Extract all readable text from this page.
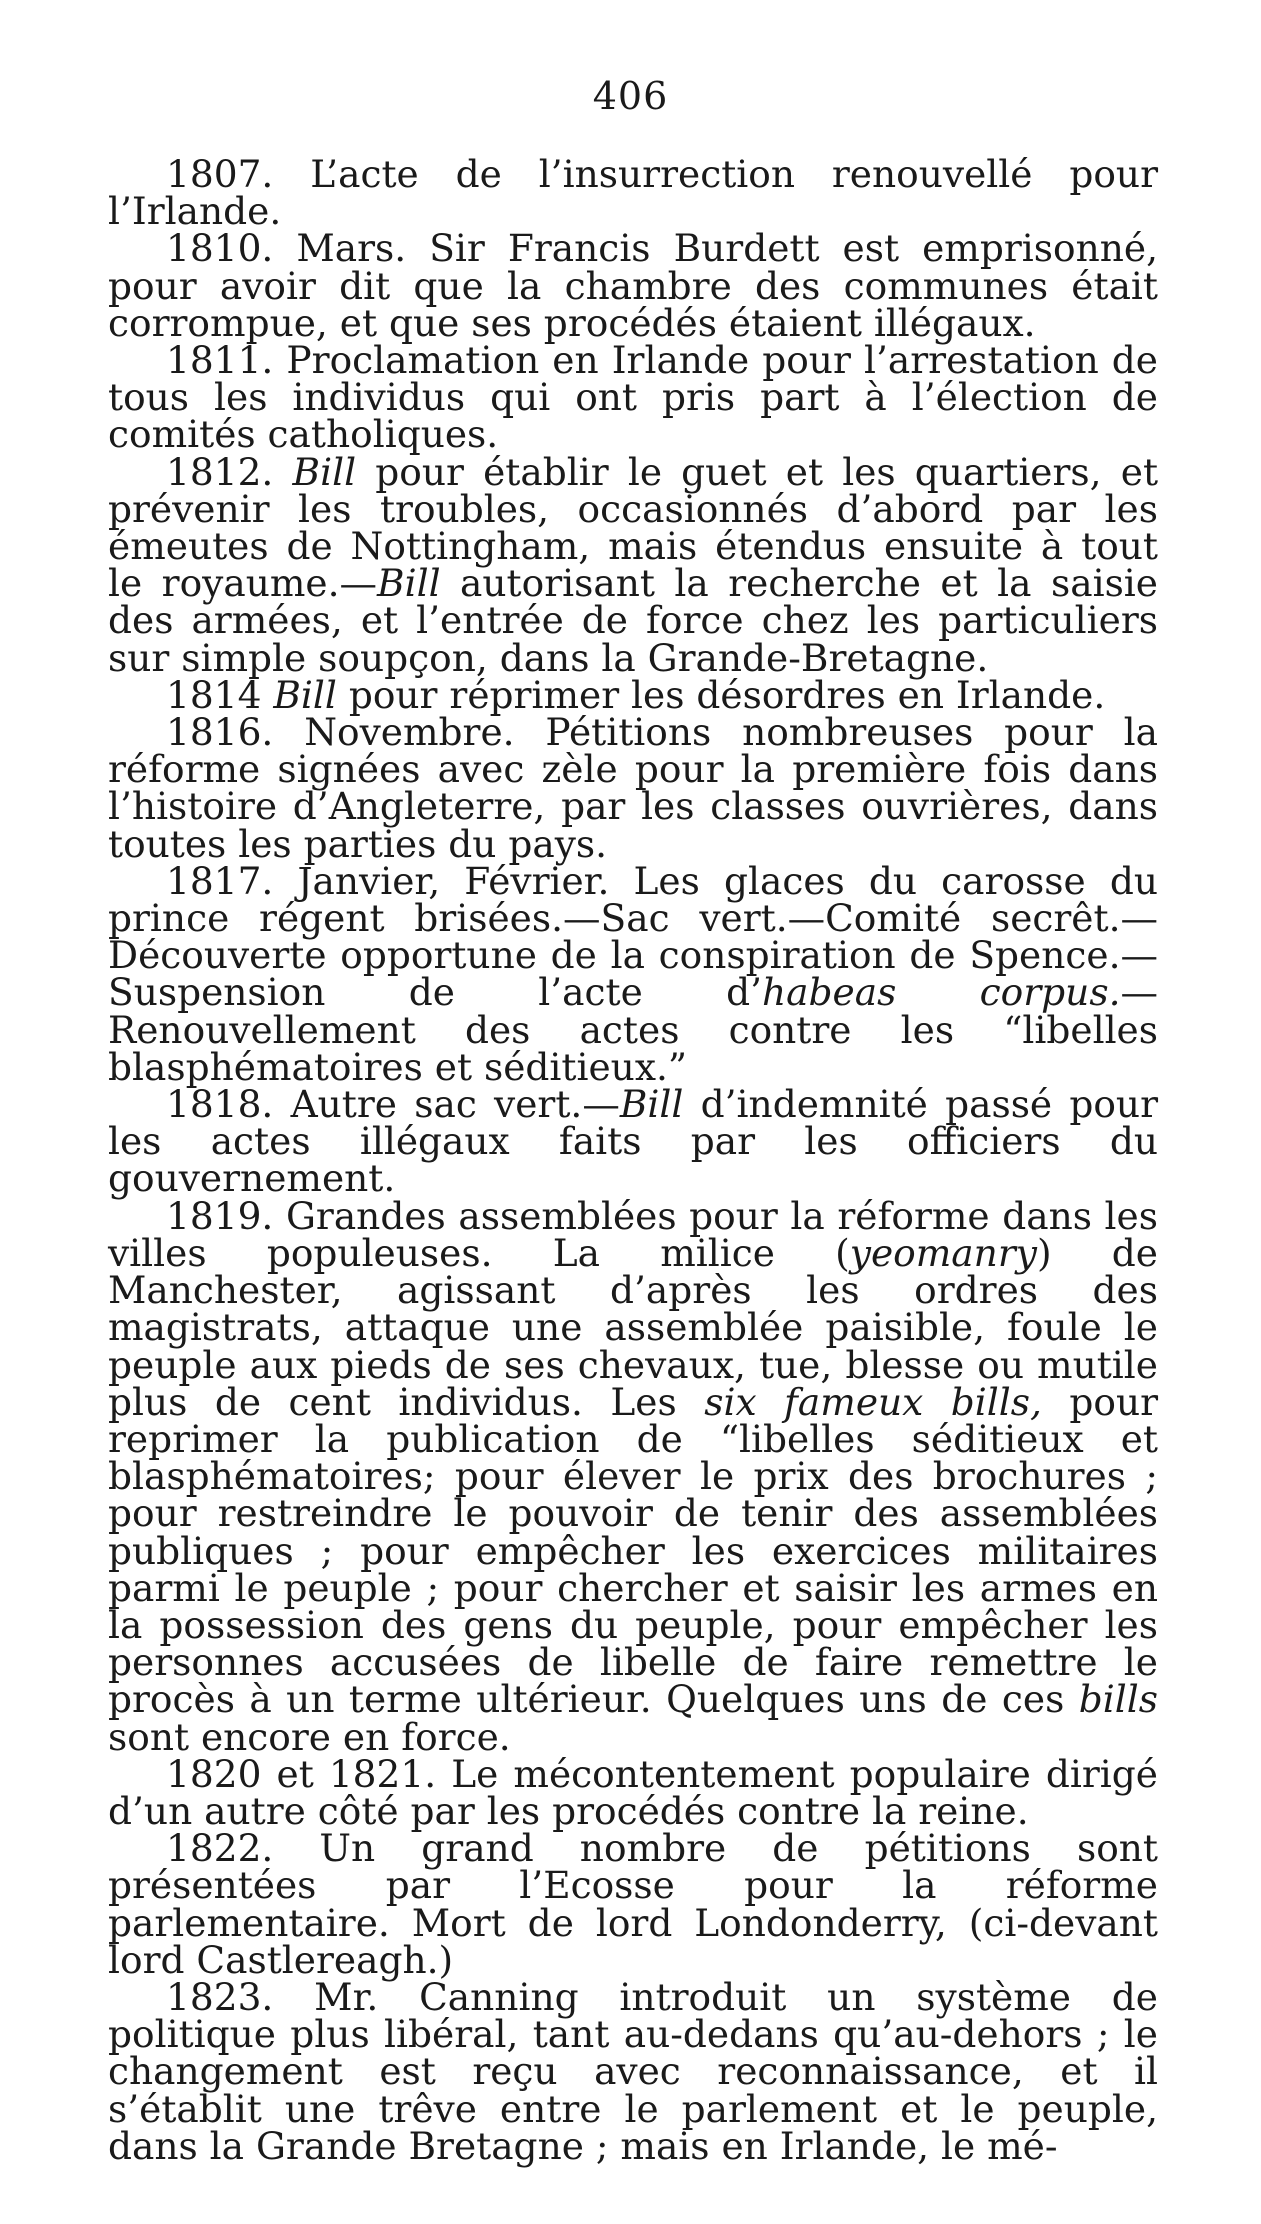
406

1807. L’acte de l’insurrection renouvellé pour l’Irlande.

1810. Mars. Sir Francis Burdett est emprisonné, pour avoir dit que la chambre des communes était corrompue, et que ses procédés étaient illégaux.

1811. Proclamation en Irlande pour l’arrestation de tous les individus qui ont pris part à l’élection de comités catholiques.

1812. Bill pour établir le guet et les quartiers, et prévenir les troubles, occasionnés d’abord par les émeutes de Nottingham, mais étendus ensuite à tout le royaume.—Bill autorisant la recherche et la saisie des armées, et l’entrée de force chez les particuliers sur simple soupçon, dans la Grande-Bretagne.

1814 Bill pour réprimer les désordres en Irlande.

1816. Novembre. Pétitions nombreuses pour la réforme signées avec zèle pour la première fois dans l’histoire d’Angleterre, par les classes ouvrières, dans toutes les parties du pays.

1817. Janvier, Février. Les glaces du carosse du prince régent brisées.—Sac vert.—Comité secrêt.—Découverte opportune de la conspiration de Spence.—Suspension de l’acte d’habeas corpus.—Renouvellement des actes contre les “libelles blasphématoires et séditieux.”

1818. Autre sac vert.—Bill d’indemnité passé pour les actes illégaux faits par les officiers du gouvernement.

1819. Grandes assemblées pour la réforme dans les villes populeuses. La milice (yeomanry) de Manchester, agissant d’après les ordres des magistrats, attaque une assemblée paisible, foule le peuple aux pieds de ses chevaux, tue, blesse ou mutile plus de cent individus. Les six fameux bills, pour reprimer la publication de “libelles séditieux et blasphématoires; pour élever le prix des brochures ; pour restreindre le pouvoir de tenir des assemblées publiques ; pour empêcher les exercices militaires parmi le peuple ; pour chercher et saisir les armes en la possession des gens du peuple, pour empêcher les personnes accusées de libelle de faire remettre le procès à un terme ultérieur. Quelques uns de ces bills sont encore en force.

1820 et 1821. Le mécontentement populaire dirigé d’un autre côté par les procédés contre la reine.

1822. Un grand nombre de pétitions sont présentées par l’Ecosse pour la réforme parlementaire. Mort de lord Londonderry, (ci-devant lord Castlereagh.)

1823. Mr. Canning introduit un système de politique plus libéral, tant au-dedans qu’au-dehors ; le changement est reçu avec reconnaissance, et il s’établit une trêve entre le parlement et le peuple, dans la Grande Bretagne ; mais en Irlande, le mé-
